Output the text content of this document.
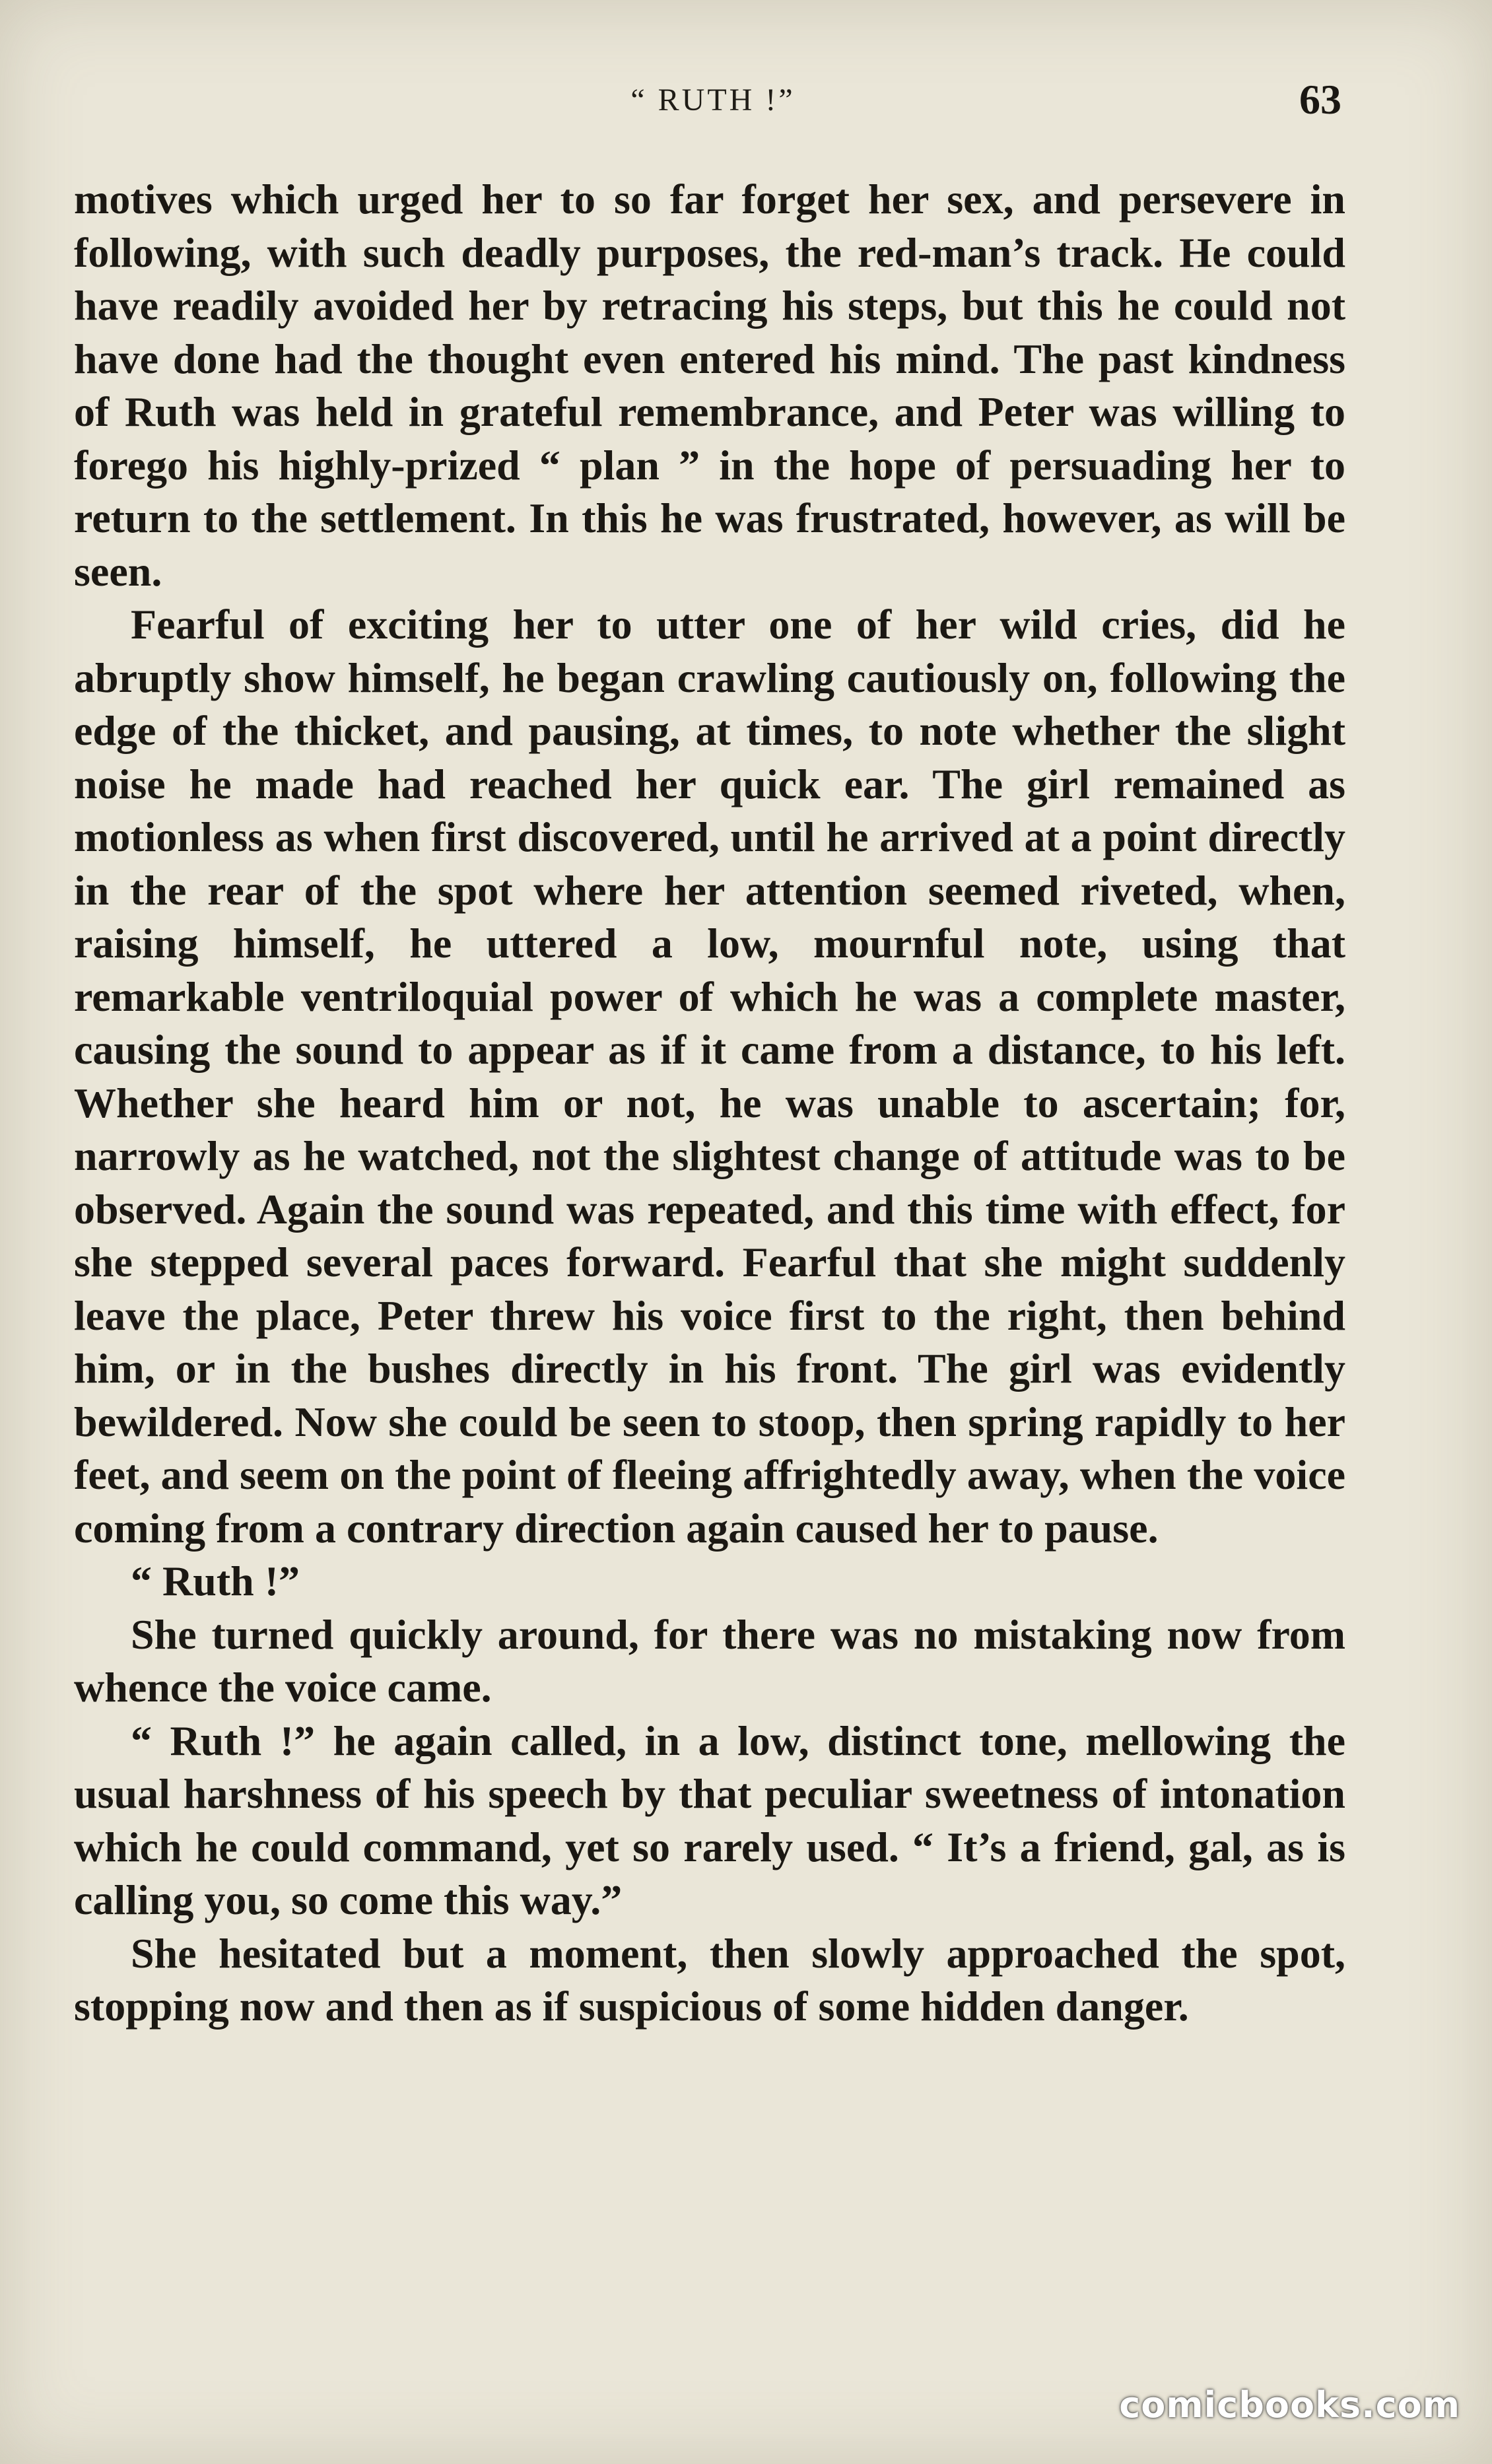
“ RUTH !”	63

motives which urged her to so far forget her sex, and persevere in following, with such deadly purposes, the red-man’s track. He could have readily avoided her by retracing his steps, but this he could not have done had the thought even entered his mind. The past kindness of Ruth was held in grateful remembrance, and Peter was willing to forego his highly-prized “ plan ” in the hope of persuading her to return to the settlement. In this he was frustrated, however, as will be seen.

Fearful of exciting her to utter one of her wild cries, did he abruptly show himself, he began crawling cautiously on, following the edge of the thicket, and pausing, at times, to note whether the slight noise he made had reached her quick ear. The girl remained as motionless as when first discovered, until he arrived at a point directly in the rear of the spot where her attention seemed riveted, when, raising himself, he uttered a low, mournful note, using that remarkable ventriloquial power of which he was a complete master, causing the sound to appear as if it came from a distance, to his left. Whether she heard him or not, he was unable to ascertain; for, narrowly as he watched, not the slightest change of attitude was to be observed. Again the sound was repeated, and this time with effect, for she stepped several paces forward. Fearful that she might suddenly leave the place, Peter threw his voice first to the right, then behind him, or in the bushes directly in his front. The girl was evidently bewildered. Now she could be seen to stoop, then spring rapidly to her feet, and seem on the point of fleeing affrightedly away, when the voice coming from a contrary direction again caused her to pause.

“ Ruth !”

She turned quickly around, for there was no mistaking now from whence the voice came.

“ Ruth !” he again called, in a low, distinct tone, mellowing the usual harshness of his speech by that peculiar sweetness of intonation which he could command, yet so rarely used. “ It’s a friend, gal, as is calling you, so come this way.”

She hesitated but a moment, then slowly approached the spot, stopping now and then as if suspicious of some hidden danger.

comicbooks.com
